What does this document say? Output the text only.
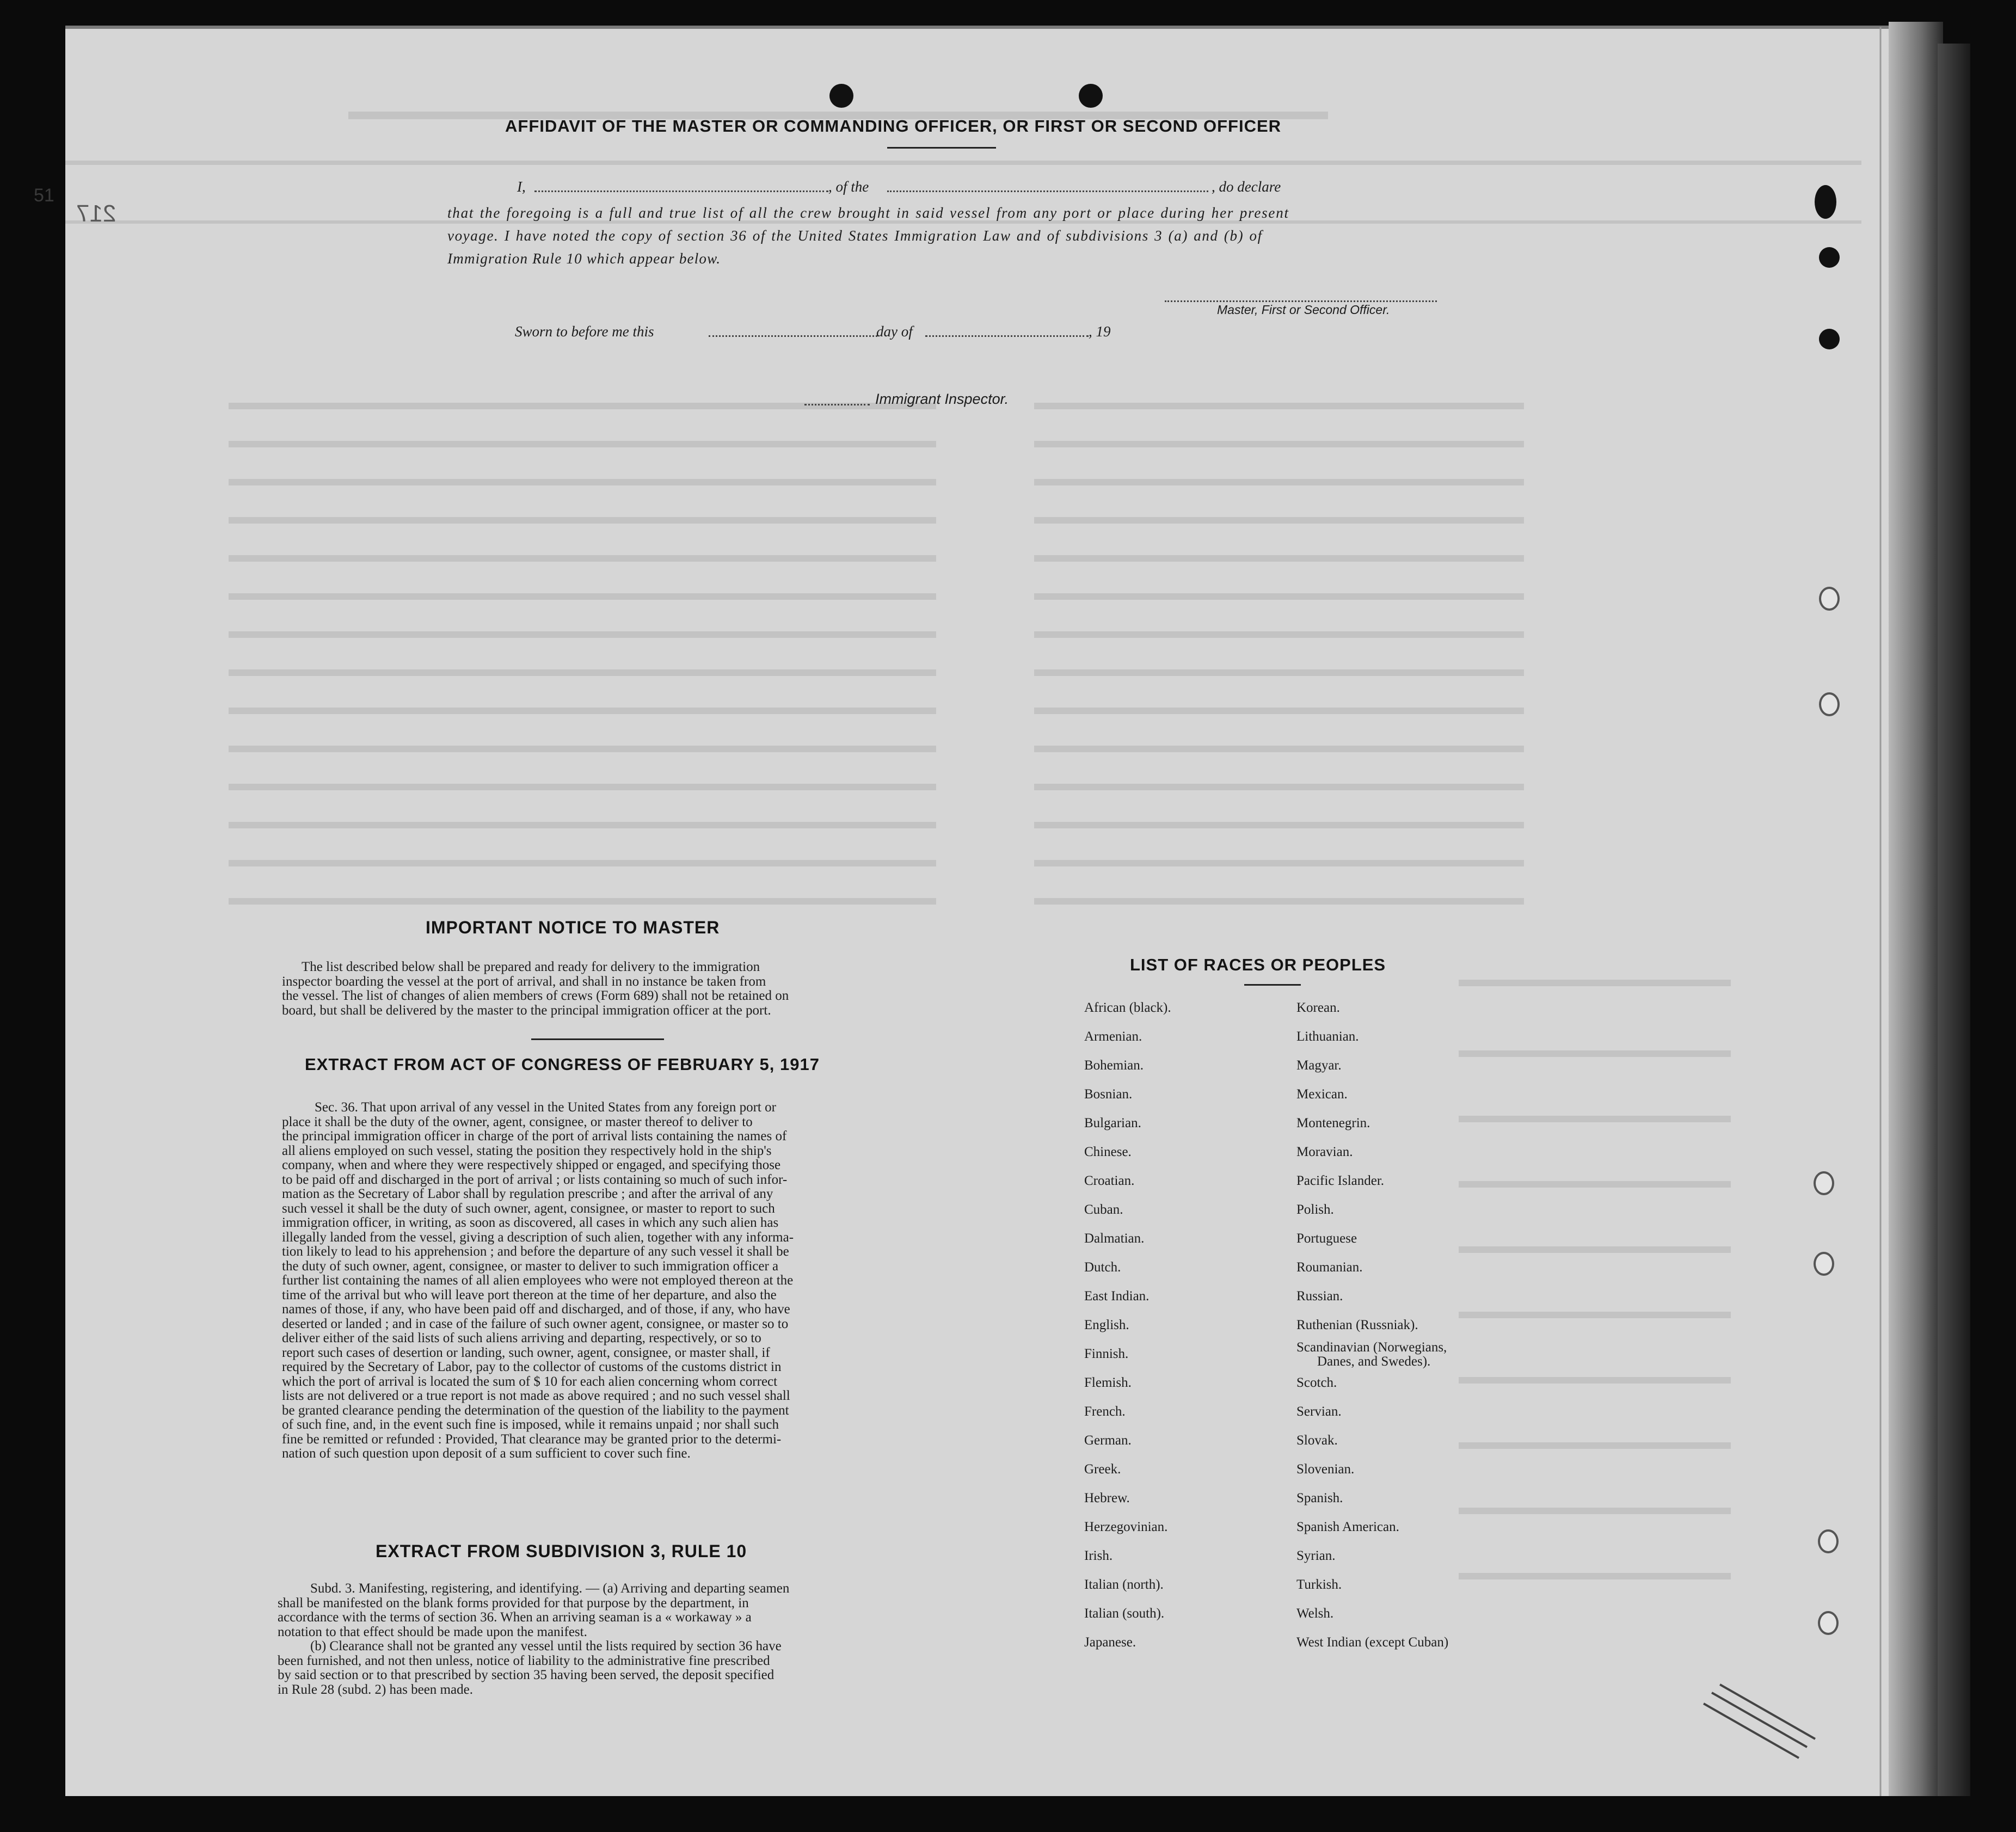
217
51
AFFIDAVIT OF THE MASTER OR COMMANDING OFFICER, OR FIRST OR SECOND OFFICER
I,	, of the	, do declare
that the foregoing is a full and true list of all the crew brought in said vessel from any port or place during her present
voyage. I have noted the copy of section 36 of the United States Immigration Law and of subdivisions 3 (a) and (b) of
Immigration Rule 10 which appear below.
Master, First or Second Officer.
Sworn to before me this	day of	, 19
Immigrant Inspector.
IMPORTANT NOTICE TO MASTER
The list described below shall be prepared and ready for delivery to the immigration
inspector boarding the vessel at the port of arrival, and shall in no instance be taken from
the vessel. The list of changes of alien members of crews (Form 689) shall not be retained on
board, but shall be delivered by the master to the principal immigration officer at the port.
EXTRACT FROM ACT OF CONGRESS OF FEBRUARY 5, 1917
Sec. 36. That upon arrival of any vessel in the United States from any foreign port or
place it shall be the duty of the owner, agent, consignee, or master thereof to deliver to
the principal immigration officer in charge of the port of arrival lists containing the names of
all aliens employed on such vessel, stating the position they respectively hold in the ship's
company, when and where they were respectively shipped or engaged, and specifying those
to be paid off and discharged in the port of arrival ; or lists containing so much of such infor-
mation as the Secretary of Labor shall by regulation prescribe ; and after the arrival of any
such vessel it shall be the duty of such owner, agent, consignee, or master to report to such
immigration officer, in writing, as soon as discovered, all cases in which any such alien has
illegally landed from the vessel, giving a description of such alien, together with any informa-
tion likely to lead to his apprehension ; and before the departure of any such vessel it shall be
the duty of such owner, agent, consignee, or master to deliver to such immigration officer a
further list containing the names of all alien employees who were not employed thereon at the
time of the arrival but who will leave port thereon at the time of her departure, and also the
names of those, if any, who have been paid off and discharged, and of those, if any, who have
deserted or landed ; and in case of the failure of such owner agent, consignee, or master so to
deliver either of the said lists of such aliens arriving and departing, respectively, or so to
report such cases of desertion or landing, such owner, agent, consignee, or master shall, if
required by the Secretary of Labor, pay to the collector of customs of the customs district in
which the port of arrival is located the sum of $ 10 for each alien concerning whom correct
lists are not delivered or a true report is not made as above required ; and no such vessel shall
be granted clearance pending the determination of the question of the liability to the payment
of such fine, and, in the event such fine is imposed, while it remains unpaid ; nor shall such
fine be remitted or refunded : Provided, That clearance may be granted prior to the determi-
nation of such question upon deposit of a sum sufficient to cover such fine.
EXTRACT FROM SUBDIVISION 3, RULE 10
Subd. 3. Manifesting, registering, and identifying. — (a) Arriving and departing seamen
shall be manifested on the blank forms provided for that purpose by the department, in
accordance with the terms of section 36. When an arriving seaman is a « workaway » a
notation to that effect should be made upon the manifest.
(b) Clearance shall not be granted any vessel until the lists required by section 36 have
been furnished, and not then unless, notice of liability to the administrative fine prescribed
by said section or to that prescribed by section 35 having been served, the deposit specified
in Rule 28 (subd. 2) has been made.
LIST OF RACES OR PEOPLES
African (black).
Armenian.
Bohemian.
Bosnian.
Bulgarian.
Chinese.
Croatian.
Cuban.
Dalmatian.
Dutch.
East Indian.
English.
Finnish.
Flemish.
French.
German.
Greek.
Hebrew.
Herzegovinian.
Irish.
Italian (north).
Italian (south).
Japanese.
Korean.
Lithuanian.
Magyar.
Mexican.
Montenegrin.
Moravian.
Pacific Islander.
Polish.
Portuguese
Roumanian.
Russian.
Ruthenian (Russniak).
Scandinavian (Norwegians,
Danes, and Swedes).
Scotch.
Servian.
Slovak.
Slovenian.
Spanish.
Spanish American.
Syrian.
Turkish.
Welsh.
West Indian (except Cuban)
